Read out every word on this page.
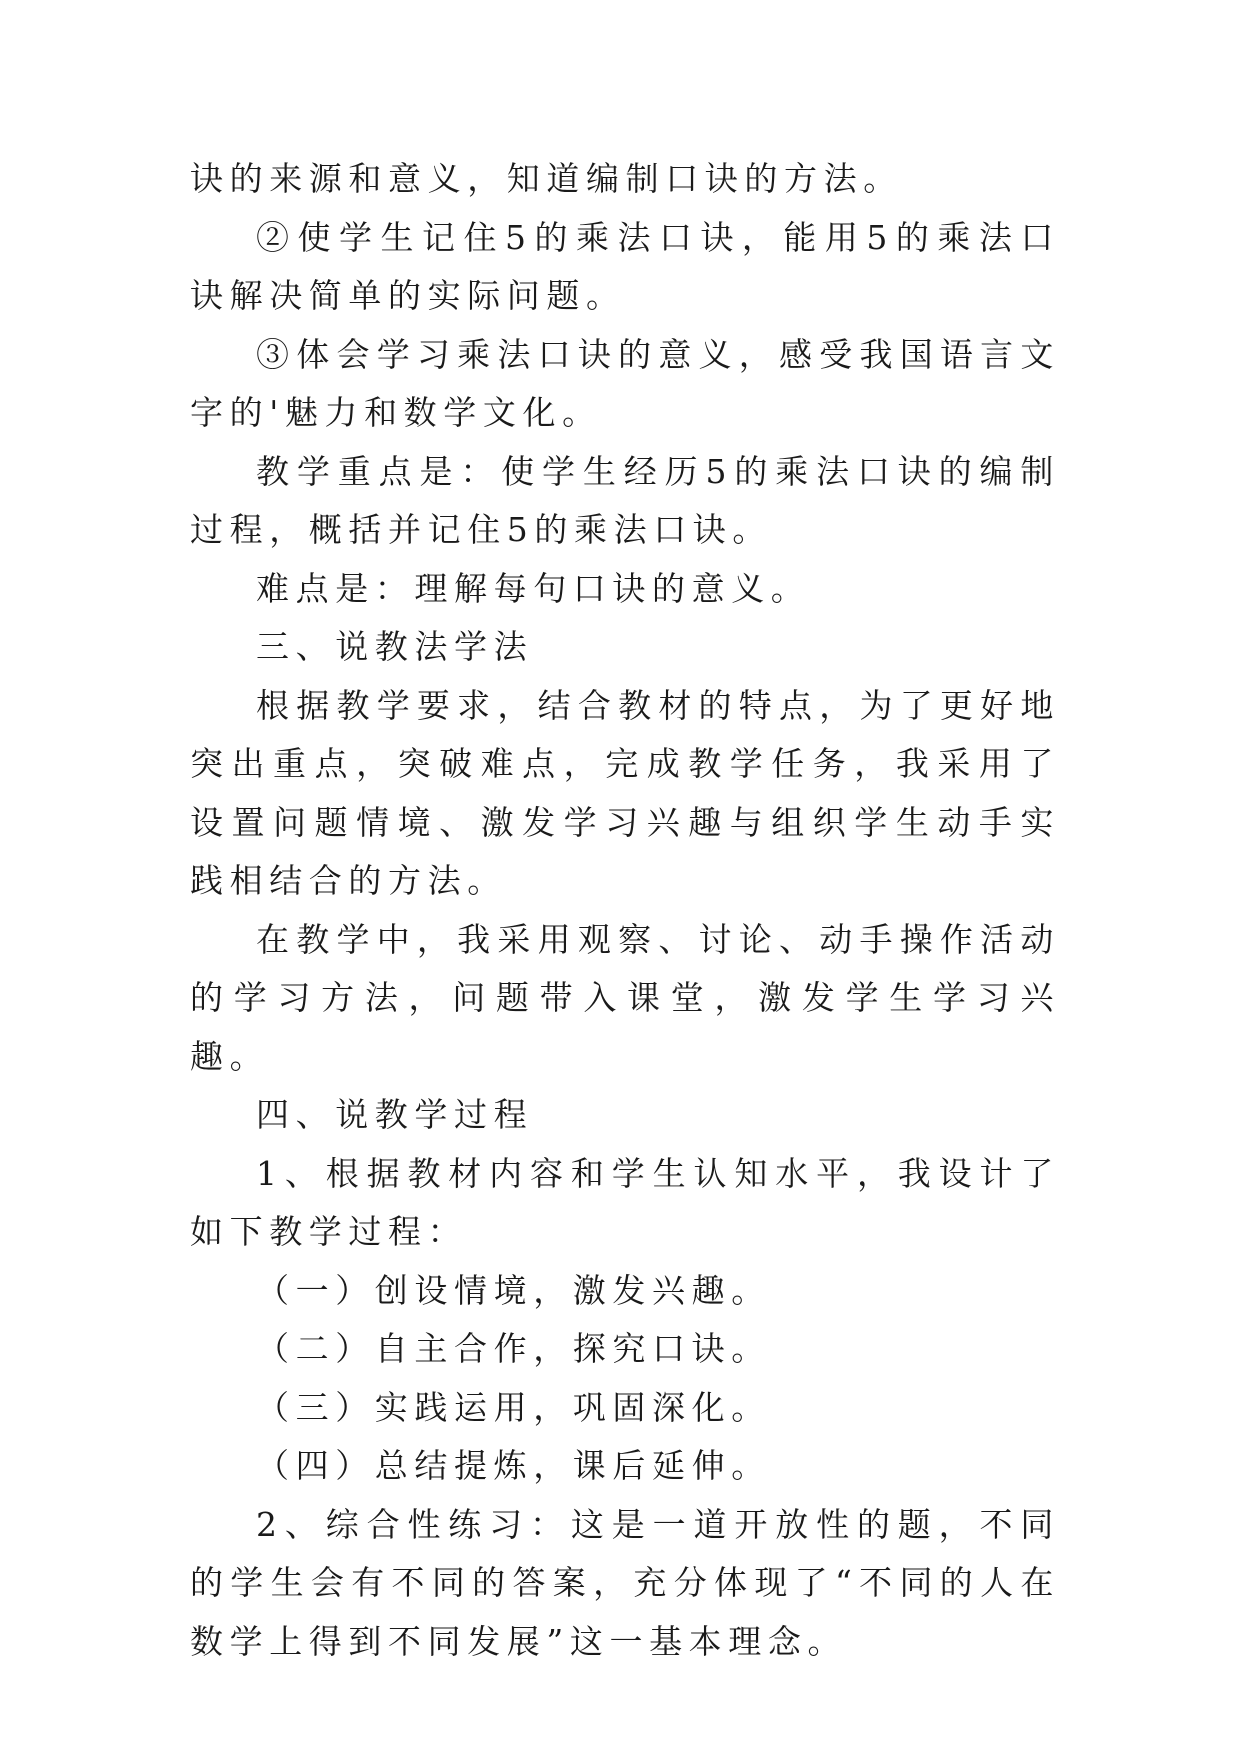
诀的来源和意义，知道编制口诀的方法。

②使学生记住5的乘法口诀，能用5的乘法口诀解决简单的实际问题。

③体会学习乘法口诀的意义，感受我国语言文字的'魅力和数学文化。

教学重点是：使学生经历5的乘法口诀的编制过程，概括并记住5的乘法口诀。

难点是：理解每句口诀的意义。

三、说教法学法

根据教学要求，结合教材的特点，为了更好地突出重点，突破难点，完成教学任务，我采用了设置问题情境、激发学习兴趣与组织学生动手实践相结合的方法。

在教学中，我采用观察、讨论、动手操作活动的学习方法，问题带入课堂，激发学生学习兴趣。

四、说教学过程

1、根据教材内容和学生认知水平，我设计了如下教学过程：

（一）创设情境，激发兴趣。

（二）自主合作，探究口诀。

（三）实践运用，巩固深化。

（四）总结提炼，课后延伸。

2、综合性练习：这是一道开放性的题，不同的学生会有不同的答案，充分体现了“不同的人在数学上得到不同发展”这一基本理念。
